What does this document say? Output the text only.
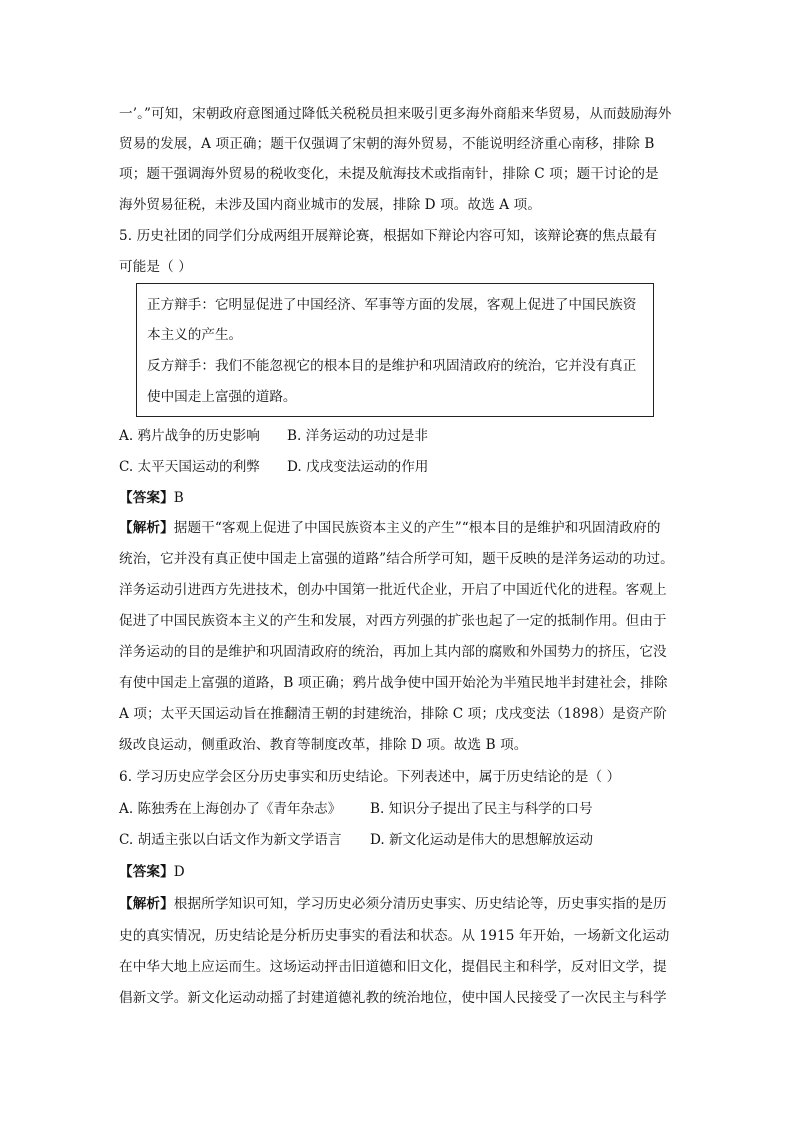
一’。”可知，宋朝政府意图通过降低关税税员担来吸引更多海外商船来华贸易，从而鼓励海外
贸易的发展，A 项正确；题干仅强调了宋朝的海外贸易，不能说明经济重心南移，排除 B
项；题干强调海外贸易的税收变化，未提及航海技术或指南针，排除 C 项；题干讨论的是
海外贸易征税，未涉及国内商业城市的发展，排除 D 项。故选 A 项。
5. 历史社团的同学们分成两组开展辩论赛，根据如下辩论内容可知，该辩论赛的焦点最有
可能是（ ）
正方辩手：它明显促进了中国经济、军事等方面的发展，客观上促进了中国民族资
本主义的产生。
反方辩手：我们不能忽视它的根本目的是维护和巩固清政府的统治，它并没有真正
使中国走上富强的道路。
A. 鸦片战争的历史影响 B. 洋务运动的功过是非
C. 太平天国运动的利弊 D. 戊戌变法运动的作用
【答案】B
【解析】据题干“客观上促进了中国民族资本主义的产生”“根本目的是维护和巩固清政府的
统治，它并没有真正使中国走上富强的道路”结合所学可知，题干反映的是洋务运动的功过。
洋务运动引进西方先进技术，创办中国第一批近代企业，开启了中国近代化的进程。客观上
促进了中国民族资本主义的产生和发展，对西方列强的扩张也起了一定的抵制作用。但由于
洋务运动的目的是维护和巩固清政府的统治，再加上其内部的腐败和外国势力的挤压，它没
有使中国走上富强的道路，B 项正确；鸦片战争使中国开始沦为半殖民地半封建社会，排除
A 项；太平天国运动旨在推翻清王朝的封建统治，排除 C 项；戊戌变法（1898）是资产阶
级改良运动，侧重政治、教育等制度改革，排除 D 项。故选 B 项。
6. 学习历史应学会区分历史事实和历史结论。下列表述中，属于历史结论的是（ ）
A. 陈独秀在上海创办了《青年杂志》 B. 知识分子提出了民主与科学的口号
C. 胡适主张以白话文作为新文学语言 D. 新文化运动是伟大的思想解放运动
【答案】D
【解析】根据所学知识可知，学习历史必须分清历史事实、历史结论等，历史事实指的是历
史的真实情况，历史结论是分析历史事实的看法和状态。从 1915 年开始，一场新文化运动
在中华大地上应运而生。这场运动抨击旧道德和旧文化，提倡民主和科学，反对旧文学，提
倡新文学。新文化运动动摇了封建道德礼教的统治地位，使中国人民接受了一次民主与科学
